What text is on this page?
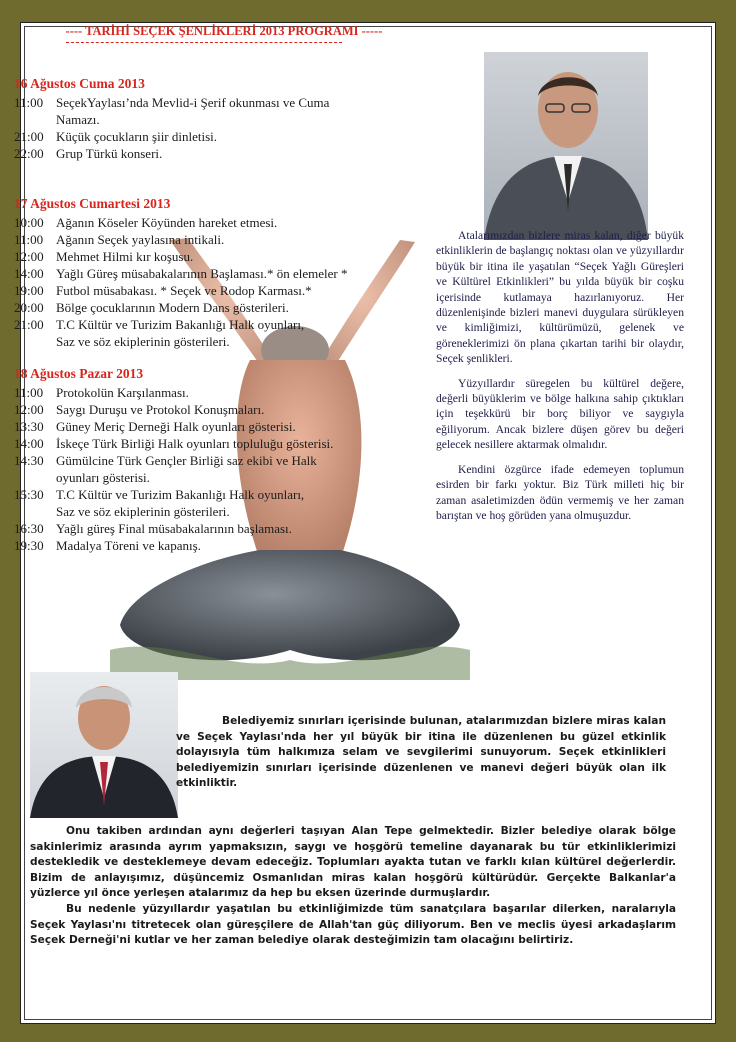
---- TARİHİ SEÇEK ŞENLİKLERİ 2013 PROGRAMI -----
16 Ağustos Cuma 2013
11:00 SeçekYaylası’nda Mevlid-i Şerif okunması ve Cuma
Namazı.
21:00 Küçük çocukların şiir dinletisi.
22:00 Grup Türkü konseri.
17 Ağustos Cumartesi 2013
10:00 Ağanın Köseler Köyünden hareket etmesi.
11:00 Ağanın Seçek yaylasına intikali.
12:00 Mehmet Hilmi kır koşusu.
14:00 Yağlı Güreş müsabakalarının Başlaması.* ön elemeler *
19:00 Futbol müsabakası. * Seçek ve Rodop Karması.*
20:00 Bölge çocuklarının Modern Dans gösterileri.
21:00 T.C Kültür ve Turizim Bakanlığı Halk oyunları,
Saz ve söz ekiplerinin gösterileri.
18 Ağustos Pazar 2013
11:00 Protokolün Karşılanması.
12:00 Saygı Duruşu ve Protokol Konuşmaları.
13:30 Güney Meriç Derneği Halk oyunları gösterisi.
14:00 İskeçe Türk Birliği Halk oyunları topluluğu gösterisi.
14:30 Gümülcine Türk Gençler Birliği saz ekibi ve Halk
oyunları gösterisi.
15:30 T.C Kültür ve Turizim Bakanlığı Halk oyunları,
Saz ve söz ekiplerinin gösterileri.
16:30 Yağlı güreş Final müsabakalarının başlaması.
19:30 Madalya Töreni ve kapanış.

Atalarımızdan bizlere miras kalan, diğer büyük etkinliklerin de başlangıç noktası olan ve yüzyıllardır büyük bir itina ile yaşatılan “Seçek Yağlı Güreşleri ve Kültürel Etkinlikleri” bu yılda büyük bir coşku içerisinde kutlamaya hazırlanıyoruz. Her düzenlenişinde bizleri manevi duygulara sürükleyen ve kimliğimizi, kültürümüzü, gelenek ve göreneklerimizi ön plana çıkartan tarihi bir olaydır, Seçek şenlikleri.

Yüzyıllardır süregelen bu kültürel değere, değerli büyüklerim ve bölge halkına sahip çıktıkları için teşekkürü bir borç biliyor ve saygıyla eğiliyorum. Ancak bizlere düşen görev bu değeri gelecek nesillere aktarmak olmalıdır.

Kendini özgürce ifade edemeyen toplumun esirden bir farkı yoktur. Biz Türk milleti hiç bir zaman asaletimizden ödün vermemiş ve her zaman barıştan ve hoş görüden yana olmuşuzdur.

Belediyemiz sınırları içerisinde bulunan, atalarımızdan bizlere miras kalan ve Seçek Yaylası'nda her yıl büyük bir itina ile düzenlenen bu güzel etkinlik dolayısıyla tüm halkımıza selam ve sevgilerimi sunuyorum. Seçek etkinlikleri belediyemizin sınırları içerisinde düzenlenen ve manevi değeri büyük olan ilk etkinliktir.

Onu takiben ardından aynı değerleri taşıyan Alan Tepe gelmektedir. Bizler belediye olarak bölge sakinlerimiz arasında ayrım yapmaksızın, saygı ve hoşgörü temeline dayanarak bu tür etkinliklerimizi destekledik ve desteklemeye devam edeceğiz. Toplumları ayakta tutan ve farklı kılan kültürel değerlerdir. Bizim de anlayışımız, düşüncemiz Osmanlıdan miras kalan hoşgörü kültürüdür. Gerçekte Balkanlar'a yüzlerce yıl önce yerleşen atalarımız da hep bu eksen üzerinde durmuşlardır.

Bu nedenle yüzyıllardır yaşatılan bu etkinliğimizde tüm sanatçılara başarılar dilerken, naralarıyla Seçek Yaylası'nı titretecek olan güreşçilere de Allah'tan güç diliyorum. Ben ve meclis üyesi arkadaşlarım Seçek Derneği'ni kutlar ve her zaman belediye olarak desteğimizin tam olacağını belirtiriz.
